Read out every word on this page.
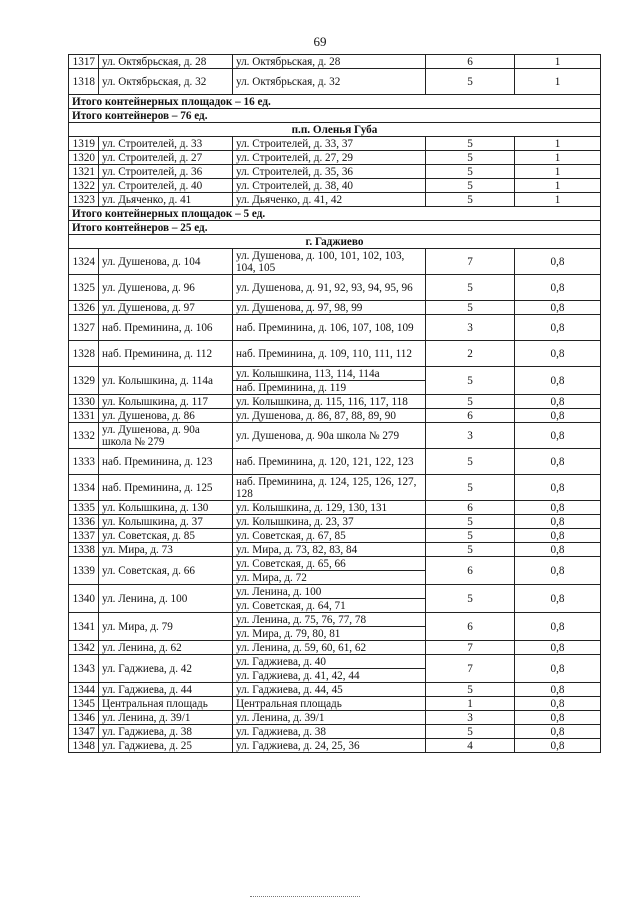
69
1317	ул. Октябрьская, д. 28	ул. Октябрьская, д. 28	6	1
1318	ул. Октябрьская, д. 32	ул. Октябрьская, д. 32	5	1
Итого контейнерных площадок – 16 ед.				
Итого контейнеров – 76 ед.				
п.п. Оленья Губа				
1319	ул. Строителей, д. 33	ул. Строителей, д. 33, 37	5	1
1320	ул. Строителей, д. 27	ул. Строителей, д. 27, 29	5	1
1321	ул. Строителей, д. 36	ул. Строителей, д. 35, 36	5	1
1322	ул. Строителей, д. 40	ул. Строителей, д. 38, 40	5	1
1323	ул. Дьяченко, д. 41	ул. Дьяченко, д. 41, 42	5	1
Итого контейнерных площадок – 5 ед.				
Итого контейнеров – 25 ед.				
г. Гаджиево				
1324	ул. Душенова, д. 104	ул. Душенова, д. 100, 101, 102, 103, 104, 105	7	0,8
1325	ул. Душенова, д. 96	ул. Душенова, д. 91, 92, 93, 94, 95, 96	5	0,8
1326	ул. Душенова, д. 97	ул. Душенова, д. 97, 98, 99	5	0,8
1327	наб. Преминина, д. 106	наб. Преминина, д. 106, 107, 108, 109	3	0,8
1328	наб. Преминина, д. 112	наб. Преминина, д. 109, 110, 111, 112	2	0,8
1329	ул. Колышкина, д. 114а	ул. Колышкина, 113, 114, 114а	5	0,8
		наб. Преминина, д. 119		
1330	ул. Колышкина, д. 117	ул. Колышкина, д. 115, 116, 117, 118	5	0,8
1331	ул. Душенова, д. 86	ул. Душенова, д. 86, 87, 88, 89, 90	6	0,8
1332	ул. Душенова, д. 90а школа № 279	ул. Душенова, д. 90а школа № 279	3	0,8
1333	наб. Преминина, д. 123	наб. Преминина, д. 120, 121, 122, 123	5	0,8
1334	наб. Преминина, д. 125	наб. Преминина, д. 124, 125, 126, 127, 128	5	0,8
1335	ул. Колышкина, д. 130	ул. Колышкина, д. 129, 130, 131	6	0,8
1336	ул. Колышкина, д. 37	ул. Колышкина, д. 23, 37	5	0,8
1337	ул. Советская, д. 85	ул. Советская, д. 67, 85	5	0,8
1338	ул. Мира, д. 73	ул. Мира, д. 73, 82, 83, 84	5	0,8
1339	ул. Советская, д. 66	ул. Советская, д. 65, 66	6	0,8
		ул. Мира, д. 72		
1340	ул. Ленина, д. 100	ул. Ленина, д. 100	5	0,8
		ул. Советская, д. 64, 71		
1341	ул. Мира, д. 79	ул. Ленина, д. 75, 76, 77, 78	6	0,8
		ул. Мира, д. 79, 80, 81		
1342	ул. Ленина, д. 62	ул. Ленина, д. 59, 60, 61, 62	7	0,8
1343	ул. Гаджиева, д. 42	ул. Гаджиева, д. 40	7	0,8
		ул. Гаджиева, д. 41, 42, 44		
1344	ул. Гаджиева, д. 44	ул. Гаджиева, д. 44, 45	5	0,8
1345	Центральная площадь	Центральная площадь	1	0,8
1346	ул. Ленина, д. 39/1	ул. Ленина, д. 39/1	3	0,8
1347	ул. Гаджиева, д. 38	ул. Гаджиева, д. 38	5	0,8
1348	ул. Гаджиева, д. 25	ул. Гаджиева, д. 24, 25, 36	4	0,8
